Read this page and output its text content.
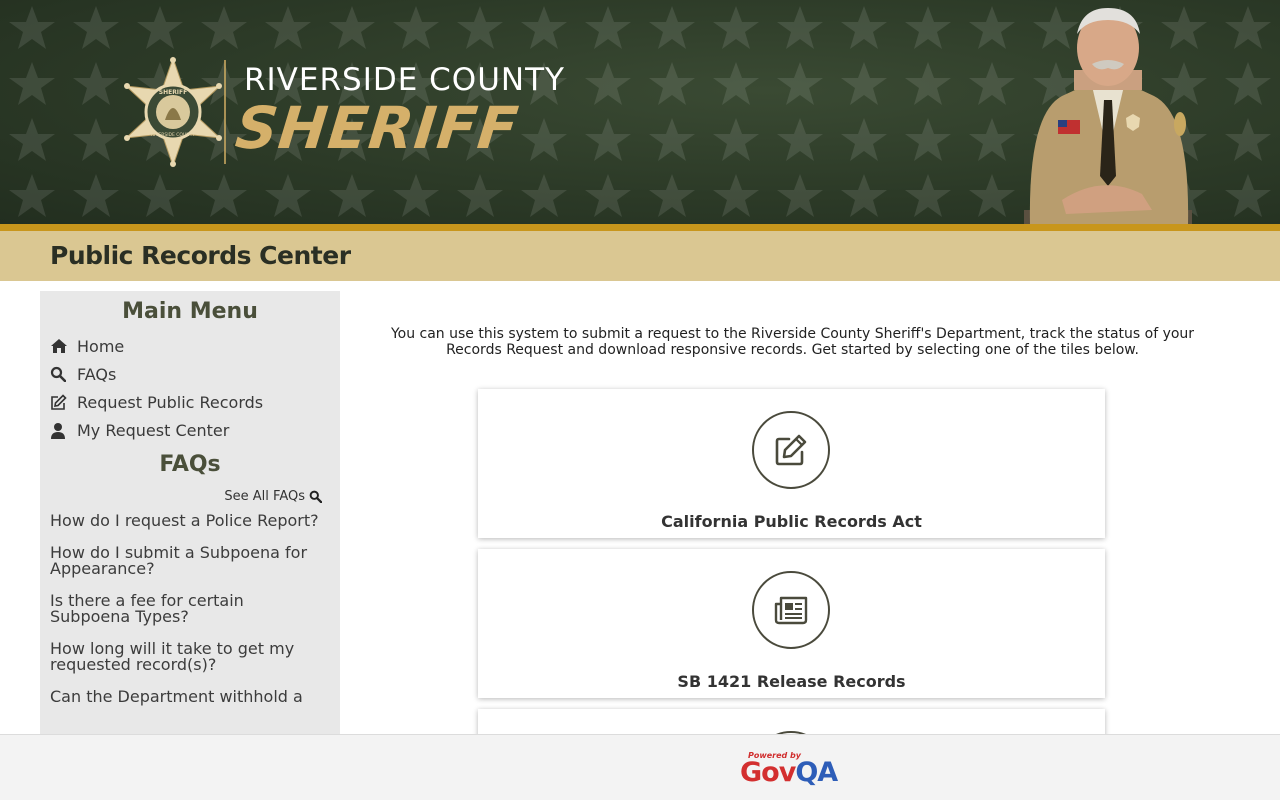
SHERIFF
RIVERSIDE COUNTY
RIVERSIDE COUNTY
SHERIFF
Public Records Center
Main Menu
Home
FAQs
Request Public Records
My Request Center
FAQs
See All FAQs
How do I request a Police Report?
How do I submit a Subpoena for Appearance?
Is there a fee for certain Subpoena Types?
How long will it take to get my requested record(s)?
Can the Department withhold a

You can use this system to submit a request to the Riverside County Sheriff's Department, track the status of your Records Request and download responsive records. Get started by selecting one of the tiles below.

California Public Records Act
SB 1421 Release Records
Powered by
GovQA
